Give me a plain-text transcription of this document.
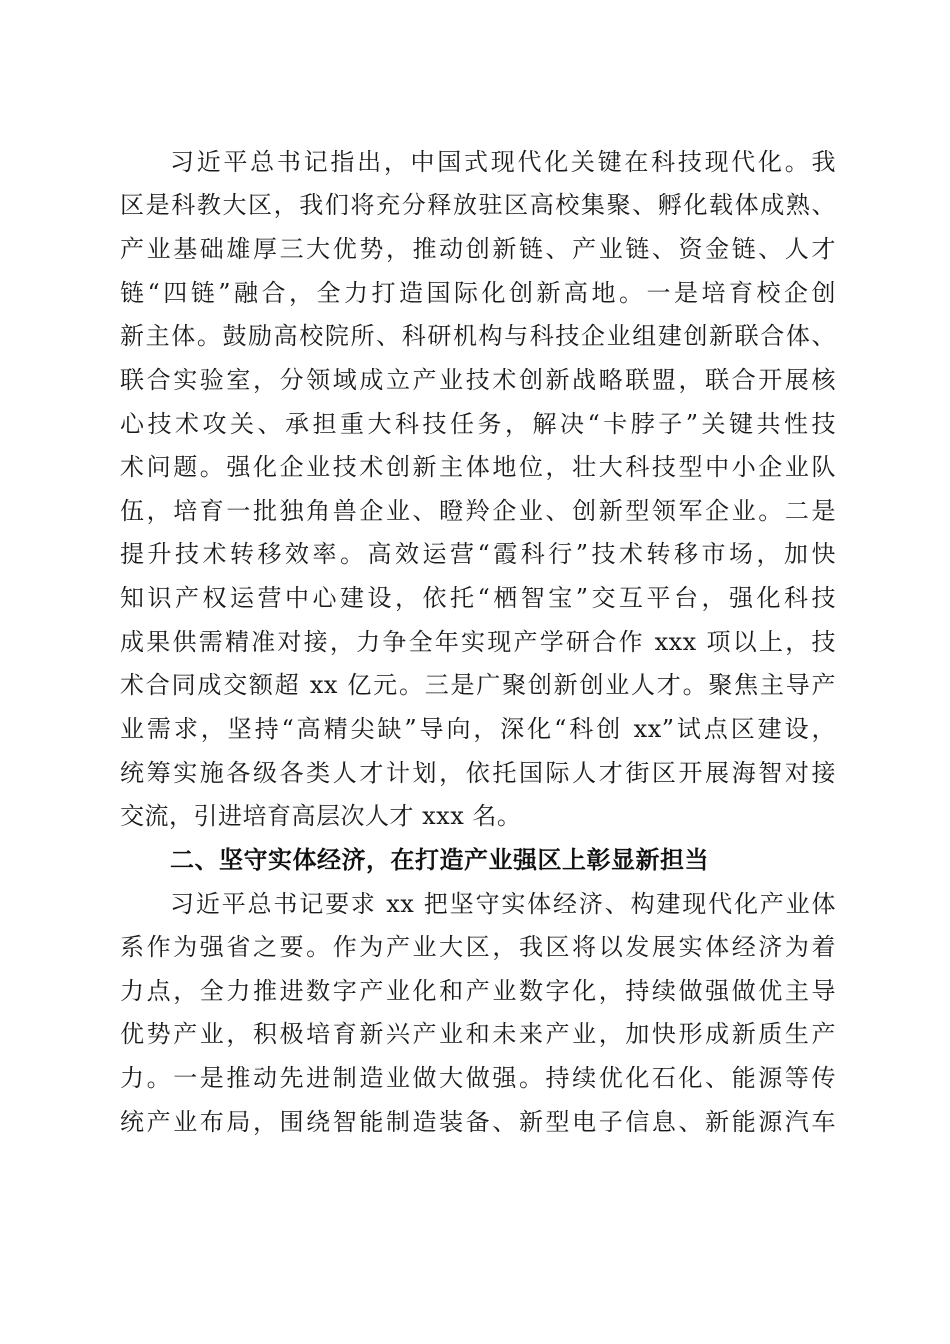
习近平总书记指出，中国式现代化关键在科技现代化。我
区是科教大区，我们将充分释放驻区高校集聚、孵化载体成熟、
产业基础雄厚三大优势，推动创新链、产业链、资金链、人才
链“四链”融合，全力打造国际化创新高地。一是培育校企创
新主体。鼓励高校院所、科研机构与科技企业组建创新联合体、
联合实验室，分领域成立产业技术创新战略联盟，联合开展核
心技术攻关、承担重大科技任务，解决“卡脖子”关键共性技
术问题。强化企业技术创新主体地位，壮大科技型中小企业队
伍，培育一批独角兽企业、瞪羚企业、创新型领军企业。二是
提升技术转移效率。高效运营“霞科行”技术转移市场，加快
知识产权运营中心建设，依托“栖智宝”交互平台，强化科技
成果供需精准对接，力争全年实现产学研合作 xxx 项以上，技
术合同成交额超 xx 亿元。三是广聚创新创业人才。聚焦主导产
业需求，坚持“高精尖缺”导向，深化“科创 xx”试点区建设，
统筹实施各级各类人才计划，依托国际人才街区开展海智对接
交流，引进培育高层次人才 xxx 名。
二、坚守实体经济，在打造产业强区上彰显新担当
习近平总书记要求 xx 把坚守实体经济、构建现代化产业体
系作为强省之要。作为产业大区，我区将以发展实体经济为着
力点，全力推进数字产业化和产业数字化，持续做强做优主导
优势产业，积极培育新兴产业和未来产业，加快形成新质生产
力。一是推动先进制造业做大做强。持续优化石化、能源等传
统产业布局，围绕智能制造装备、新型电子信息、新能源汽车
